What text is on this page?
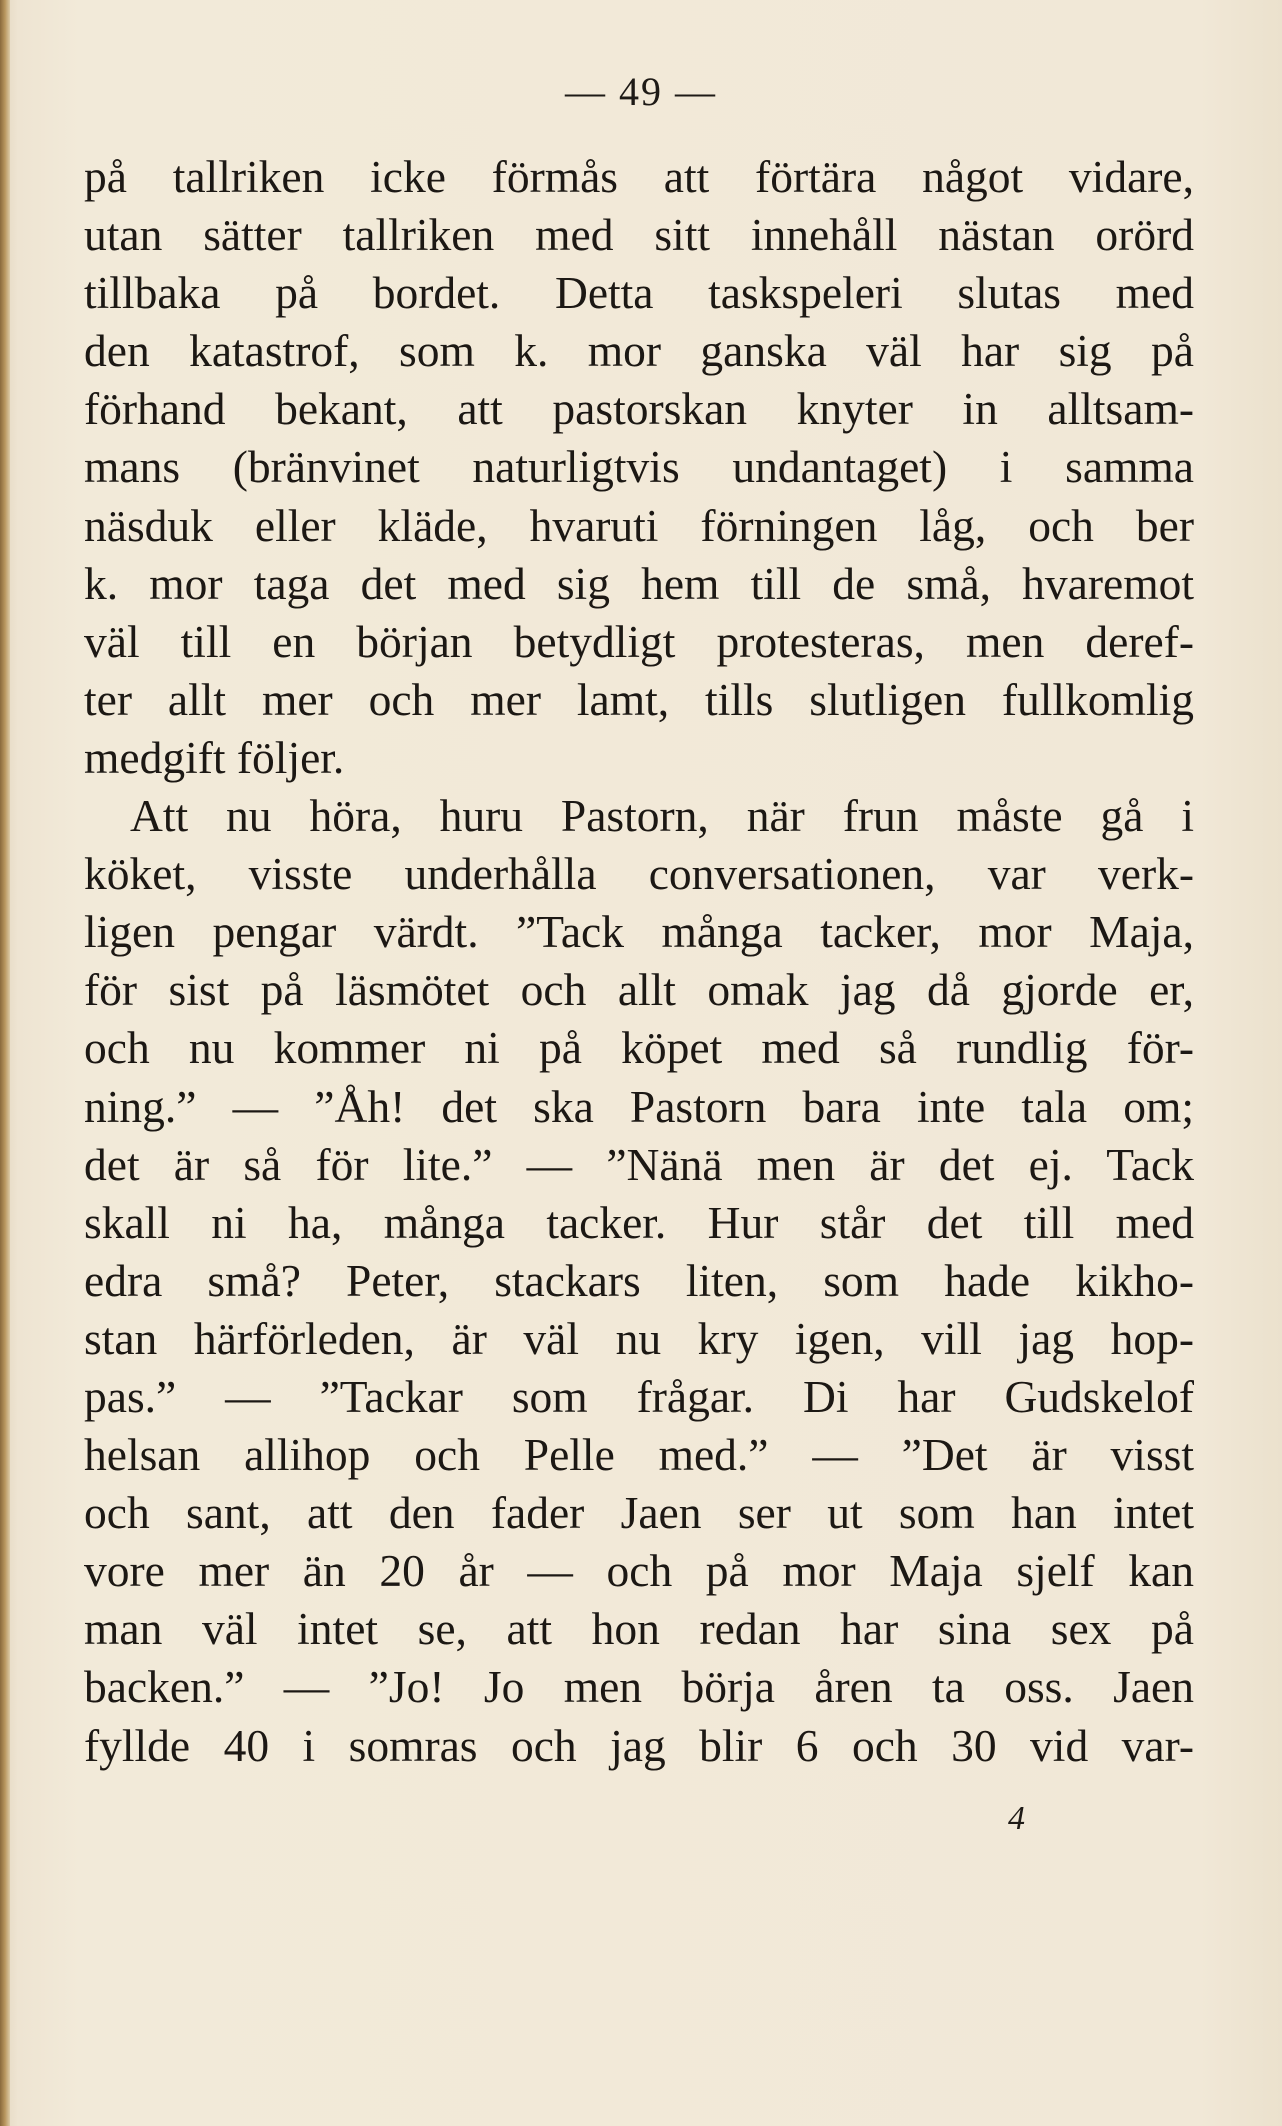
— 49 —
på tallriken icke förmås att förtära något vidare,
utan sätter tallriken med sitt innehåll nästan orörd
tillbaka på bordet. Detta taskspeleri slutas med
den katastrof, som k. mor ganska väl har sig på
förhand bekant, att pastorskan knyter in alltsam-
mans (bränvinet naturligtvis undantaget) i samma
näsduk eller kläde, hvaruti förningen låg, och ber
k. mor taga det med sig hem till de små, hvaremot
väl till en början betydligt protesteras, men deref-
ter allt mer och mer lamt, tills slutligen fullkomlig
medgift följer.
Att nu höra, huru Pastorn, när frun måste gå i
köket, visste underhålla conversationen, var verk-
ligen pengar värdt. ”Tack många tacker, mor Maja,
för sist på läsmötet och allt omak jag då gjorde er,
och nu kommer ni på köpet med så rundlig för-
ning.” — ”Åh! det ska Pastorn bara inte tala om;
det är så för lite.” — ”Nänä men är det ej. Tack
skall ni ha, många tacker. Hur står det till med
edra små? Peter, stackars liten, som hade kikho-
stan härförleden, är väl nu kry igen, vill jag hop-
pas.” — ”Tackar som frågar. Di har Gudskelof
helsan allihop och Pelle med.” — ”Det är visst
och sant, att den fader Jaen ser ut som han intet
vore mer än 20 år — och på mor Maja sjelf kan
man väl intet se, att hon redan har sina sex på
backen.” — ”Jo! Jo men börja åren ta oss. Jaen
fyllde 40 i somras och jag blir 6 och 30 vid var-
4
